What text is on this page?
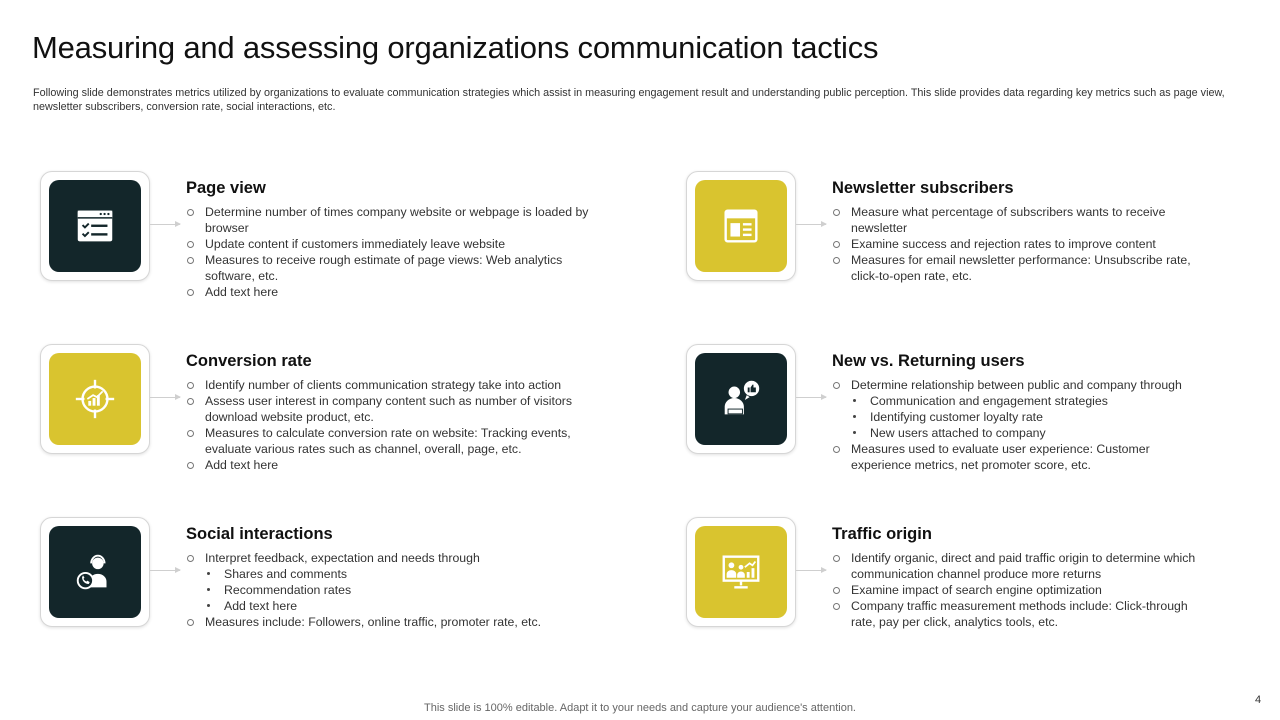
Measuring and assessing organizations communication tactics
Following slide demonstrates metrics utilized by organizations to evaluate communication strategies which assist in measuring engagement result and understanding public perception. This slide provides data regarding key metrics such as page view, newsletter subscribers, conversion rate, social interactions, etc.
Page view
Determine number of times company website or webpage is loaded by browser
Update content if customers immediately leave website
Measures to receive rough estimate of page views: Web analytics software, etc.
Add text here
Newsletter subscribers
Measure what percentage of subscribers wants to receive newsletter
Examine success and rejection rates to improve content
Measures for email newsletter performance: Unsubscribe rate, click-to-open rate, etc.
Conversion rate
Identify number of clients communication strategy take into action
Assess user interest in company content such as number of visitors download website product, etc.
Measures to calculate conversion rate on website: Tracking events, evaluate various rates such as channel, overall, page, etc.
Add text here
New vs. Returning users
Determine relationship between public and company through
Communication and engagement strategies
Identifying customer loyalty rate
New users attached to company
Measures used to evaluate user experience: Customer experience metrics, net promoter score, etc.
Social interactions
Interpret feedback, expectation and needs through
Shares and comments
Recommendation rates
Add text here
Measures include: Followers, online traffic, promoter rate, etc.
Traffic origin
Identify organic, direct and paid traffic origin to determine which communication channel produce more returns
Examine impact of search engine optimization
Company traffic measurement methods include: Click-through rate, pay per click, analytics tools, etc.
This slide is 100% editable. Adapt it to your needs and capture your audience's attention.
4
